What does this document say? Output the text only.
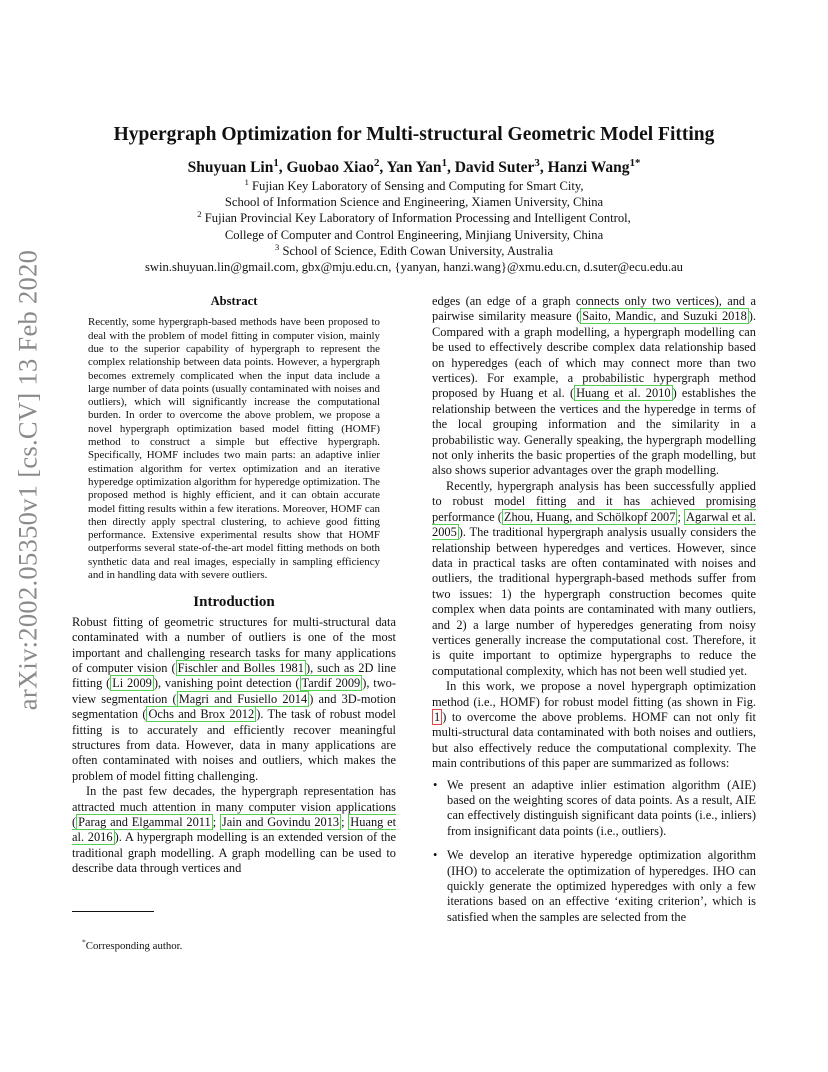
arXiv:2002.05350v1 [cs.CV] 13 Feb 2020
Hypergraph Optimization for Multi-structural Geometric Model Fitting
Shuyuan Lin$^1$, Guobao Xiao$^2$, Yan Yan$^1$, David Suter$^3$, Hanzi Wang$^{1*}$
$^1$ Fujian Key Laboratory of Sensing and Computing for Smart City,
School of Information Science and Engineering, Xiamen University, China
$^2$ Fujian Provincial Key Laboratory of Information Processing and Intelligent Control,
College of Computer and Control Engineering, Minjiang University, China
$^3$ School of Science, Edith Cowan University, Australia
swin.shuyuan.lin@gmail.com, gbx@mju.edu.cn, {yanyan, hanzi.wang}@xmu.edu.cn, d.suter@ecu.edu.au
Abstract
Recently, some hypergraph-based methods have been proposed to deal with the problem of model fitting in computer vision, mainly due to the superior capability of hypergraph to represent the complex relationship between data points. However, a hypergraph becomes extremely complicated when the input data include a large number of data points (usually contaminated with noises and outliers), which will significantly increase the computational burden. In order to overcome the above problem, we propose a novel hypergraph optimization based model fitting (HOMF) method to construct a simple but effective hypergraph. Specifically, HOMF includes two main parts: an adaptive inlier estimation algorithm for vertex optimization and an iterative hyperedge optimization algorithm for hyperedge optimization. The proposed method is highly efficient, and it can obtain accurate model fitting results within a few iterations. Moreover, HOMF can then directly apply spectral clustering, to achieve good fitting performance. Extensive experimental results show that HOMF outperforms several state-of-the-art model fitting methods on both synthetic data and real images, especially in sampling efficiency and in handling data with severe outliers.
Introduction

Robust fitting of geometric structures for multi-structural data contaminated with a number of outliers is one of the most important and challenging research tasks for many applications of computer vision ( Fischler and Bolles 1981 ), such as 2D line fitting ( Li 2009 ), vanishing point detection ( Tardif 2009 ), two-view segmentation ( Magri and Fusiello 2014 ) and 3D-motion segmentation ( Ochs and Brox 2012 ). The task of robust model fitting is to accurately and efficiently recover meaningful structures from data. However, data in many applications are often contaminated with noises and outliers, which makes the problem of model fitting challenging.

In the past few decades, the hypergraph representation has attracted much attention in many computer vision applications ( Parag and Elgammal 2011 ; Jain and Govindu 2013 ; Huang et al. 2016 ). A hypergraph modelling is an extended version of the traditional graph modelling. A graph modelling can be used to describe data through vertices and

edges (an edge of a graph connects only two vertices), and a pairwise similarity measure ( Saito, Mandic, and Suzuki 2018 ). Compared with a graph modelling, a hypergraph modelling can be used to effectively describe complex data relationship based on hyperedges (each of which may connect more than two vertices). For example, a probabilistic hypergraph method proposed by Huang et al. ( Huang et al. 2010 ) establishes the relationship between the vertices and the hyperedge in terms of the local grouping information and the similarity in a probabilistic way. Generally speaking, the hypergraph modelling not only inherits the basic properties of the graph modelling, but also shows superior advantages over the graph modelling.

Recently, hypergraph analysis has been successfully applied to robust model fitting and it has achieved promising performance ( Zhou, Huang, and Schölkopf 2007 ; Agarwal et al. 2005 ). The traditional hypergraph analysis usually considers the relationship between hyperedges and vertices. However, since data in practical tasks are often contaminated with noises and outliers, the traditional hypergraph-based methods suffer from two issues: 1) the hypergraph construction becomes quite complex when data points are contaminated with many outliers, and 2) a large number of hyperedges generating from noisy vertices generally increase the computational cost. Therefore, it is quite important to optimize hypergraphs to reduce the computational complexity, which has not been well studied yet.

In this work, we propose a novel hypergraph optimization method (i.e., HOMF) for robust model fitting (as shown in Fig. 1 ) to overcome the above problems. HOMF can not only fit multi-structural data contaminated with both noises and outliers, but also effectively reduce the computational complexity. The main contributions of this paper are summarized as follows:

• We present an adaptive inlier estimation algorithm (AIE) based on the weighting scores of data points. As a result, AIE can effectively distinguish significant data points (i.e., inliers) from insignificant data points (i.e., outliers).
• We develop an iterative hyperedge optimization algorithm (IHO) to accelerate the optimization of hyperedges. IHO can quickly generate the optimized hyperedges with only a few iterations based on an effective ‘exiting criterion’, which is satisfied when the samples are selected from the
*Corresponding author.
